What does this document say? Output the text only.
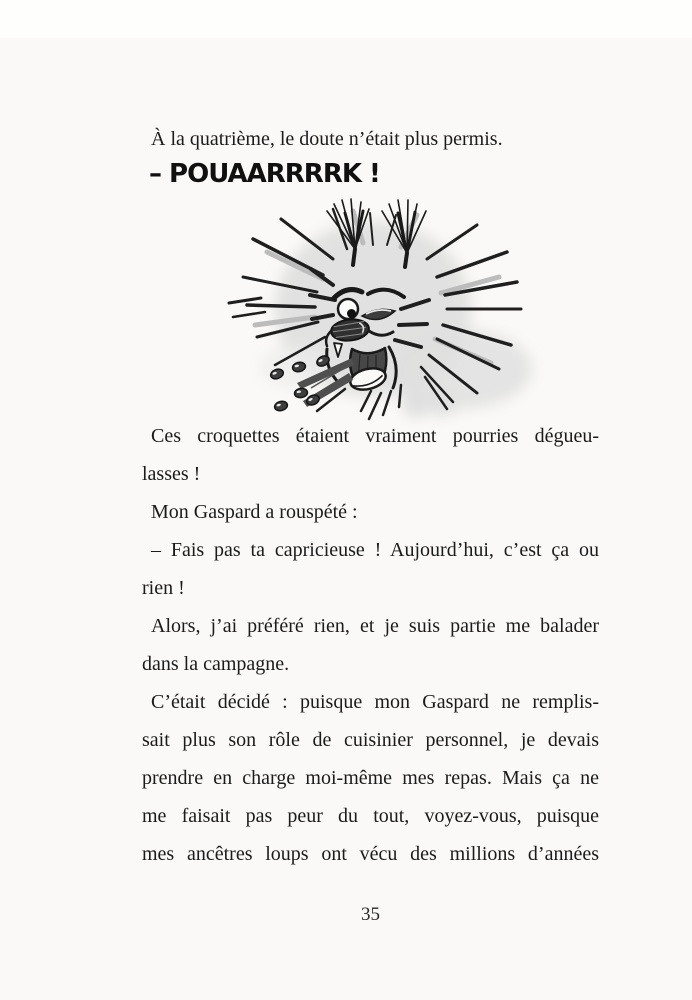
À la quatrième, le doute n’était plus permis.
– POUAARRRRK !
Ces croquettes étaient vraiment pourries dégueu-
lasses !
Mon Gaspard a rouspété :
– Fais pas ta capricieuse ! Aujourd’hui, c’est ça ou
rien !
Alors, j’ai préféré rien, et je suis partie me balader
dans la campagne.
C’était décidé : puisque mon Gaspard ne remplis-
sait plus son rôle de cuisinier personnel, je devais
prendre en charge moi-même mes repas. Mais ça ne
me faisait pas peur du tout, voyez-vous, puisque
mes ancêtres loups ont vécu des millions d’années
35
